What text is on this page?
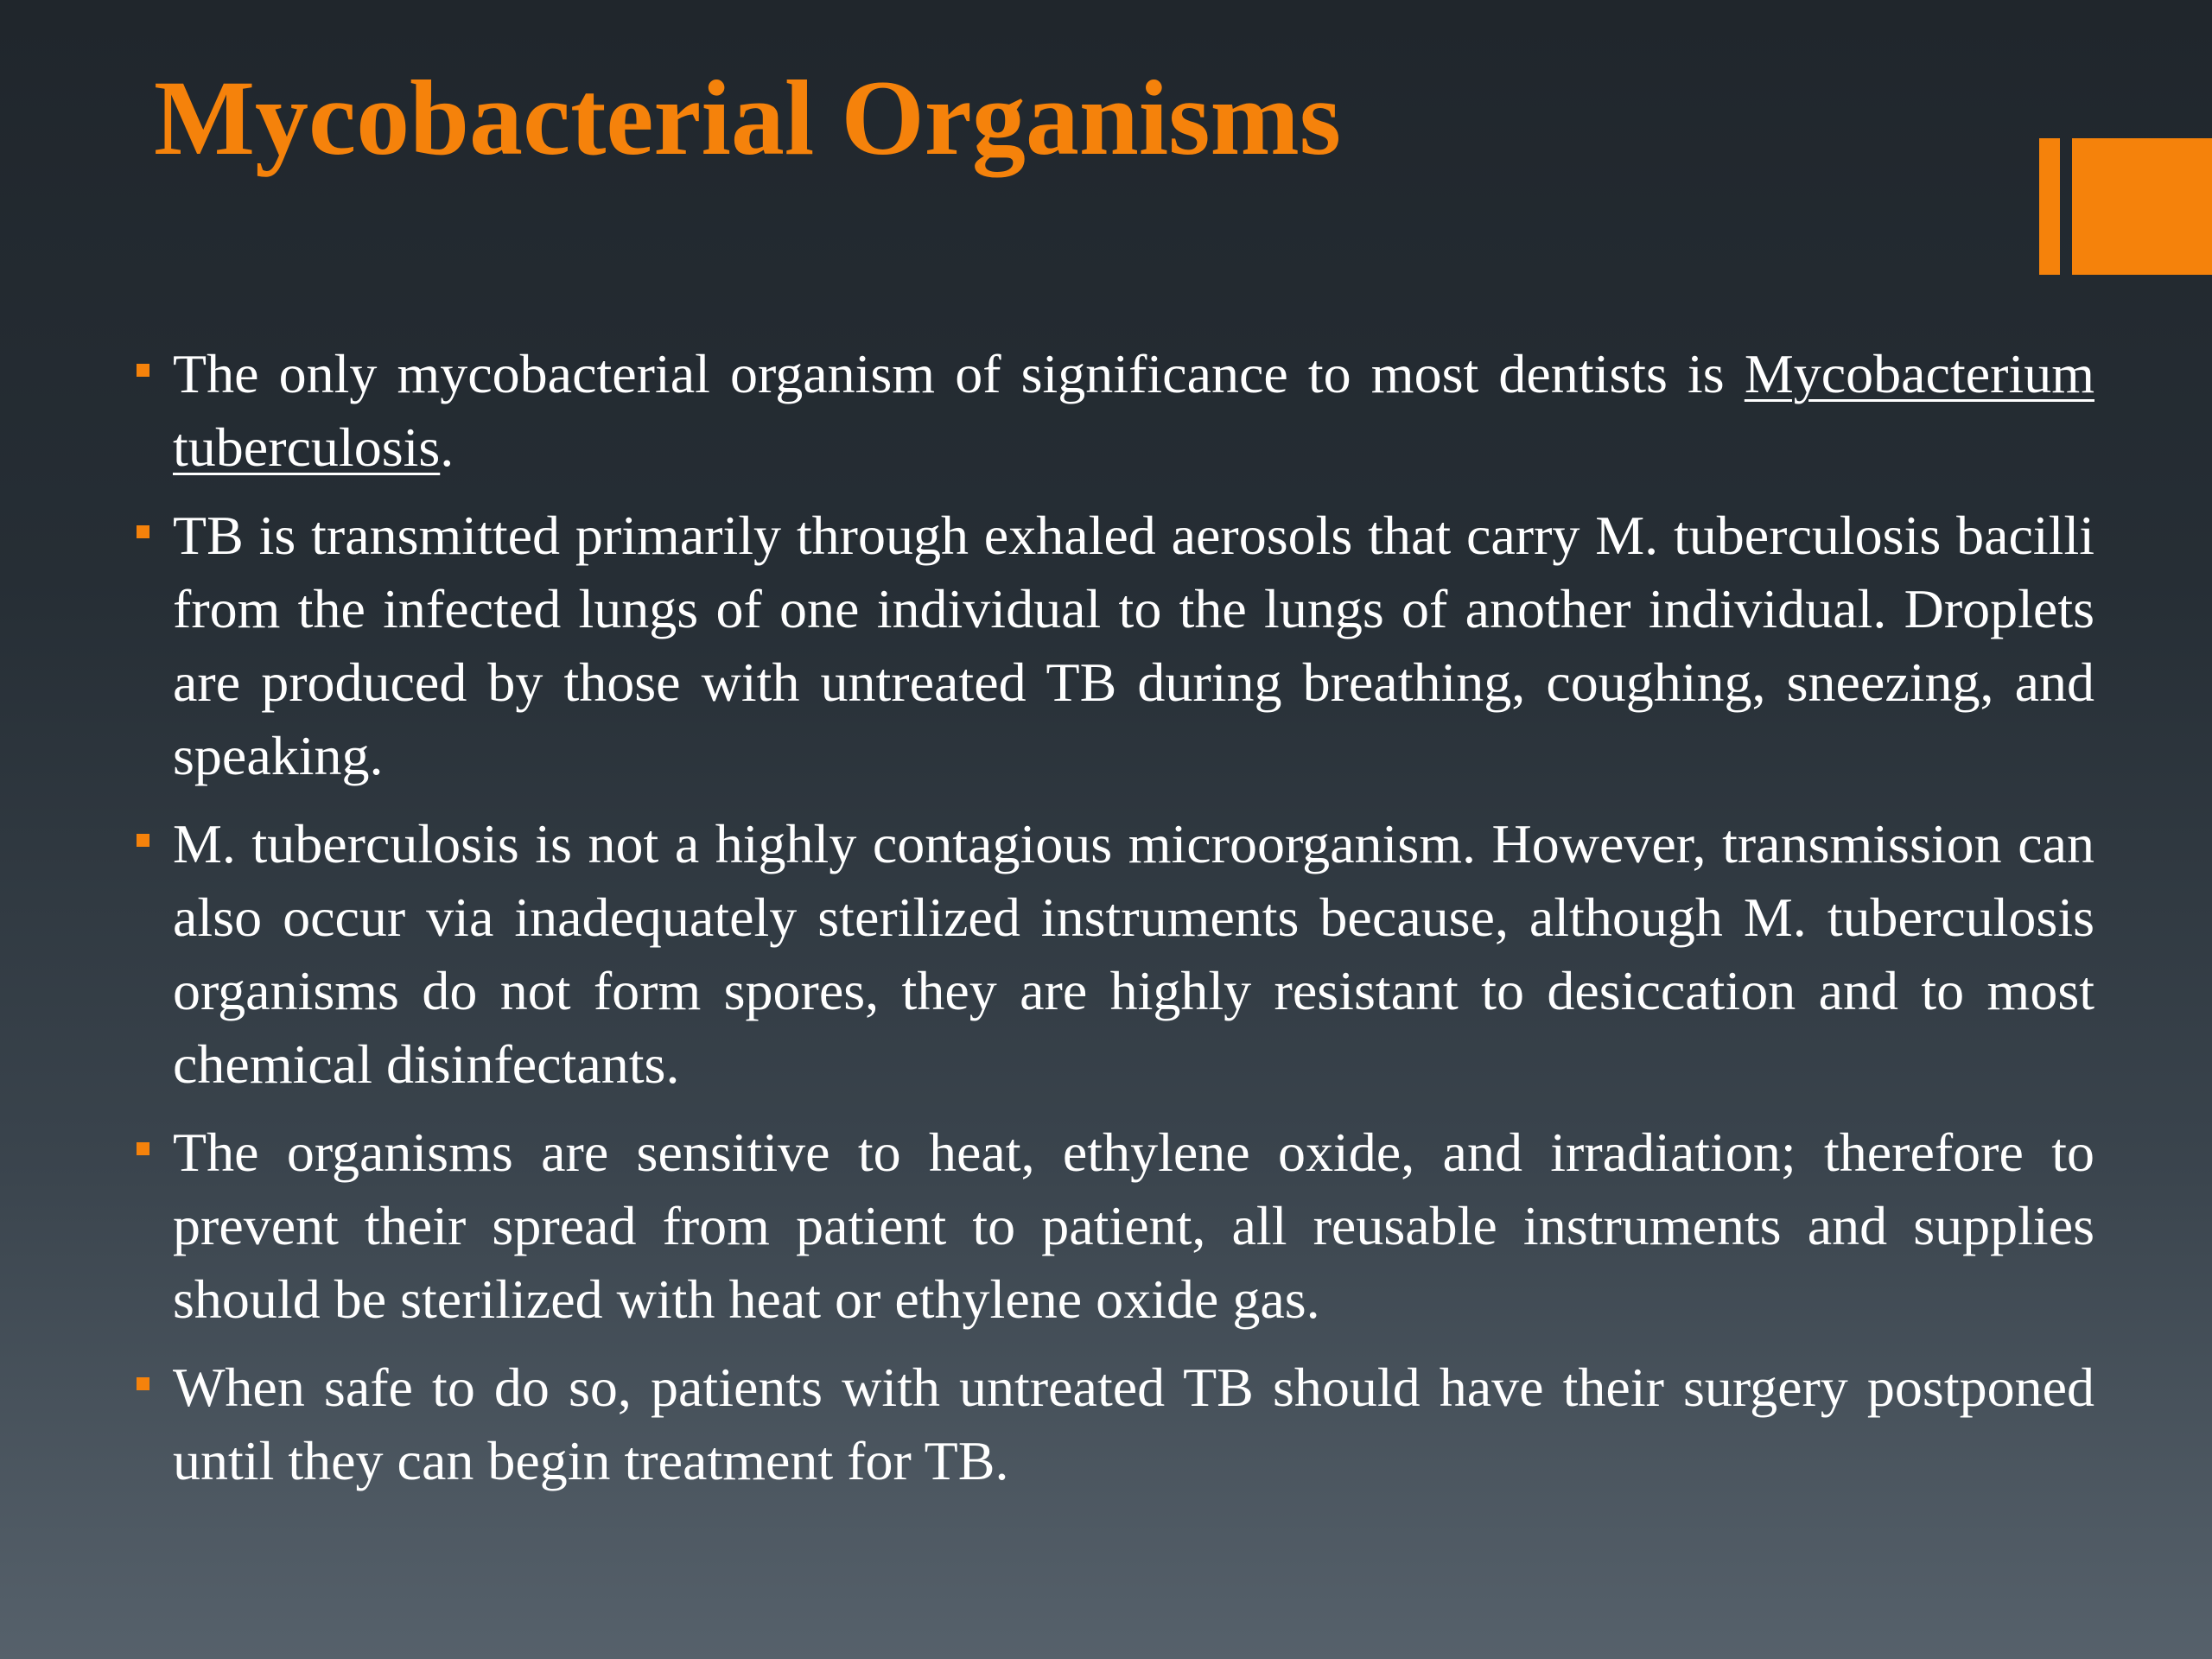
Mycobacterial Organisms
The only mycobacterial organism of significance to most dentists is Mycobacterium tuberculosis.
TB is transmitted primarily through exhaled aerosols that carry M. tuberculosis bacilli from the infected lungs of one individual to the lungs of another individual. Droplets are produced by those with untreated TB during breathing, coughing, sneezing, and speaking.
M. tuberculosis is not a highly contagious microorganism. However, transmission can also occur via inadequately sterilized instruments because, although M. tuberculosis organisms do not form spores, they are highly resistant to desiccation and to most chemical disinfectants.
The organisms are sensitive to heat, ethylene oxide, and irradiation; therefore to prevent their spread from patient to patient, all reusable instruments and supplies should be sterilized with heat or ethylene oxide gas.
When safe to do so, patients with untreated TB should have their surgery postponed until they can begin treatment for TB.
